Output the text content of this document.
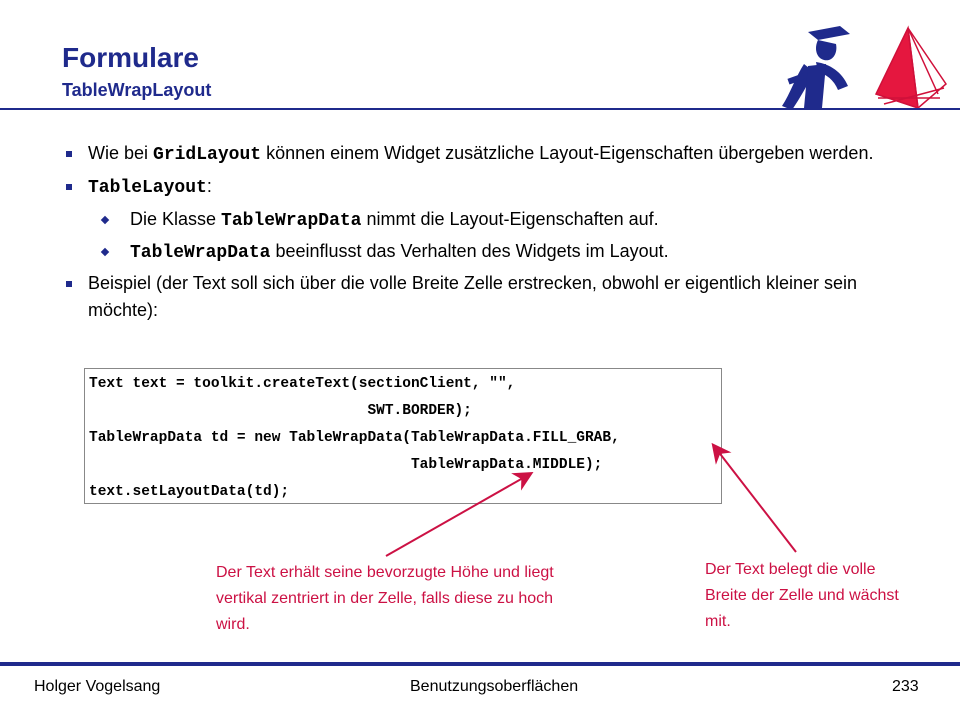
Formulare
TableWrapLayout
Wie bei GridLayout können einem Widget zusätzliche Layout-Eigenschaften übergeben werden.
TableLayout:
Die Klasse TableWrapData nimmt die Layout-Eigenschaften auf.
TableWrapData beeinflusst das Verhalten des Widgets im Layout.
Beispiel (der Text soll sich über die volle Breite Zelle erstrecken, obwohl er eigentlich kleiner sein möchte):
Text text = toolkit.createText(sectionClient, "",
SWT.BORDER);
TableWrapData td = new TableWrapData(TableWrapData.FILL_GRAB,
TableWrapData.MIDDLE);
text.setLayoutData(td);
Der Text erhält seine bevorzugte Höhe und liegt vertikal zentriert in der Zelle, falls diese zu hoch wird.
Der Text belegt die volle Breite der Zelle und wächst mit.
Holger Vogelsang	Benutzungsoberflächen	233
